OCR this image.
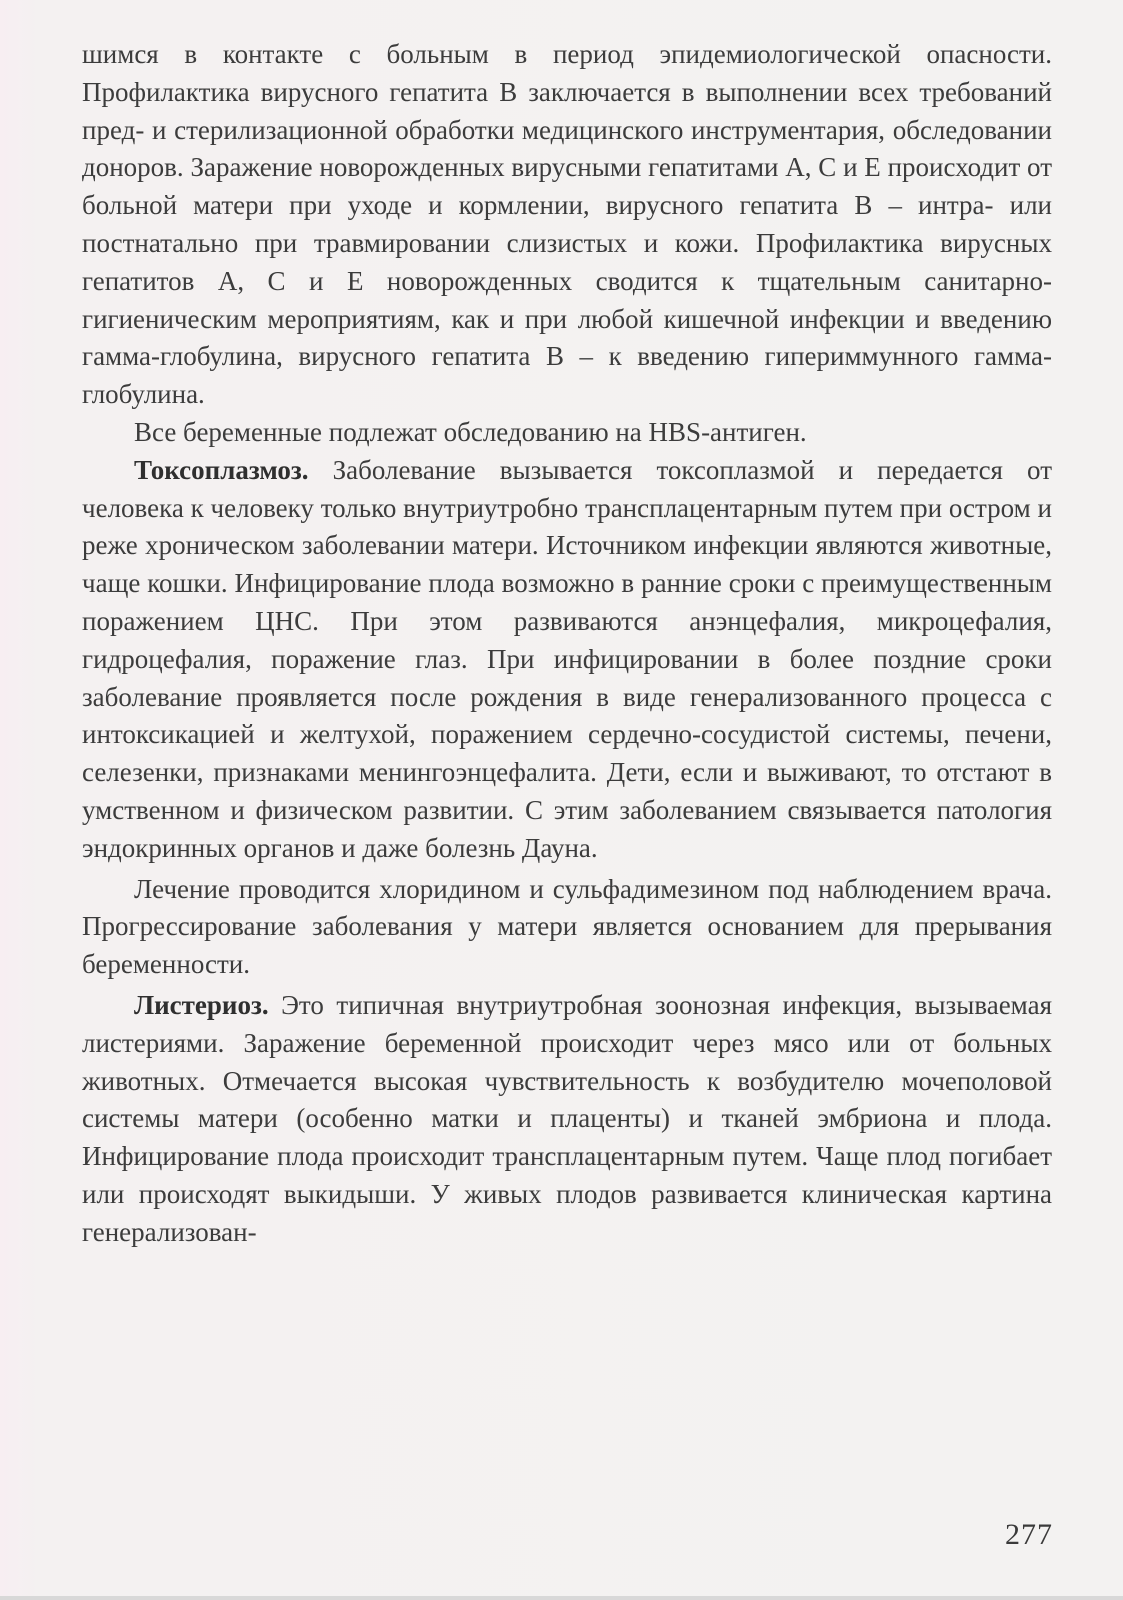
шимся в контакте с больным в период эпидемиологической опасности. Профилактика вирусного гепатита В заключается в выполнении всех требований пред- и стерилизационной обработки медицинского инструментария, обследовании доноров. Заражение новорожденных вирусными гепатитами А, С и Е происходит от больной матери при уходе и кормлении, вирусного гепатита В – интра- или постнатально при травмировании слизистых и кожи. Профилактика вирусных гепатитов А, С и Е новорожденных сводится к тщательным санитарно-гигиеническим мероприятиям, как и при любой кишечной инфекции и введению гамма-глобулина, вирусного гепатита В – к введению гипериммунного гамма-глобулина.

Все беременные подлежат обследованию на HBS-антиген.

Токсоплазмоз. Заболевание вызывается токсоплазмой и передается от человека к человеку только внутриутробно трансплацентарным путем при остром и реже хроническом заболевании матери. Источником инфекции являются животные, чаще кошки. Инфицирование плода возможно в ранние сроки с преимущественным поражением ЦНС. При этом развиваются анэнцефалия, микроцефалия, гидроцефалия, поражение глаз. При инфицировании в более поздние сроки заболевание проявляется после рождения в виде генерализованного процесса с интоксикацией и желтухой, поражением сердечно-сосудистой системы, печени, селезенки, признаками менингоэнцефалита. Дети, если и выживают, то отстают в умственном и физическом развитии. С этим заболеванием связывается патология эндокринных органов и даже болезнь Дауна.

Лечение проводится хлоридином и сульфадимезином под наблюдением врача. Прогрессирование заболевания у матери является основанием для прерывания беременности.

Листериоз. Это типичная внутриутробная зоонозная инфекция, вызываемая листериями. Заражение беременной происходит через мясо или от больных животных. Отмечается высокая чувствительность к возбудителю мочеполовой системы матери (особенно матки и плаценты) и тканей эмбриона и плода. Инфицирование плода происходит трансплацентарным путем. Чаще плод погибает или происходят выкидыши. У живых плодов развивается клиническая картина генерализован-

277
